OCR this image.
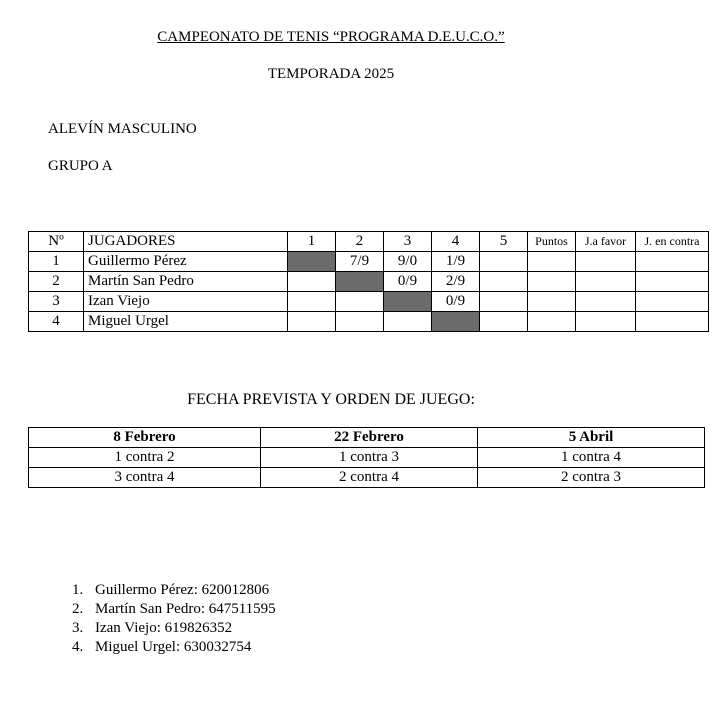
CAMPEONATO DE TENIS “PROGRAMA D.E.U.C.O.”
TEMPORADA 2025
ALEVÍN MASCULINO
GRUPO A
Nº	JUGADORES	1	2	3	4	5	Puntos	J.a favor	J. en contra
1	Guillermo Pérez		7/9	9/0	1/9				
2	Martín San Pedro			0/9	2/9				
3	Izan Viejo				0/9				
4	Miguel Urgel								
FECHA PREVISTA Y ORDEN DE JUEGO:
8 Febrero	22 Febrero	5 Abril
1 contra 2	1 contra 3	1 contra 4
3 contra 4	2 contra 4	2 contra 3
1. Guillermo Pérez: 620012806
2. Martín San Pedro: 647511595
3. Izan Viejo: 619826352
4. Miguel Urgel: 630032754
